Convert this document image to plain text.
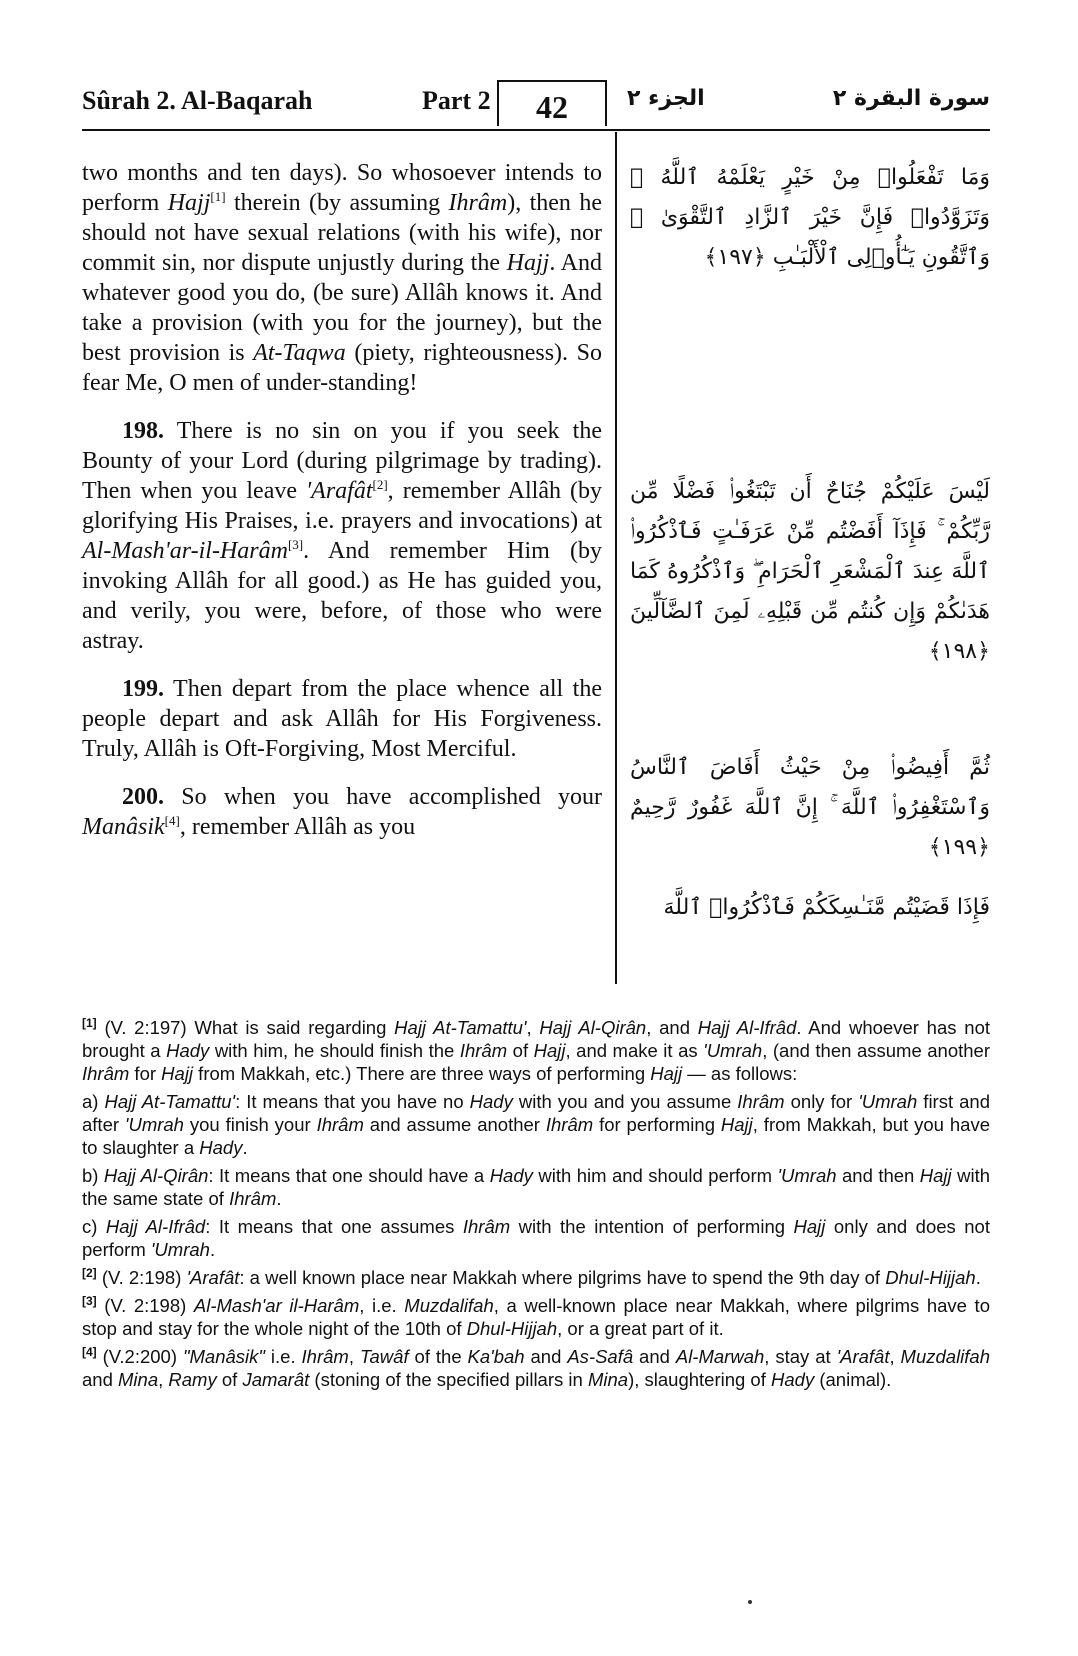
Sûrah 2. Al-Baqarah	Part 2	42	الجزء ٢	سورة البقرة ٢

two months and ten days). So whosoever intends to perform Hajj[1] therein (by assuming Ihrâm), then he should not have sexual relations (with his wife), nor commit sin, nor dispute unjustly during the Hajj. And whatever good you do, (be sure) Allâh knows it. And take a provision (with you for the journey), but the best provision is At-Taqwa (piety, righteousness). So fear Me, O men of under-standing!

198. There is no sin on you if you seek the Bounty of your Lord (during pilgrimage by trading). Then when you leave 'Arafât[2], remember Allâh (by glorifying His Praises, i.e. prayers and invocations) at Al-Mash'ar-il-Harâm[3]. And remember Him (by invoking Allâh for all good.) as He has guided you, and verily, you were, before, of those who were astray.

199. Then depart from the place whence all the people depart and ask Allâh for His Forgiveness. Truly, Allâh is Oft-Forgiving, Most Merciful.

200. So when you have accomplished your Manâsik[4], remember Allâh as you

وَمَا تَفْعَلُوا۟ مِنْ خَيْرٍ يَعْلَمْهُ ٱللَّهُ ۗ وَتَزَوَّدُوا۟ فَإِنَّ خَيْرَ ٱلزَّادِ ٱلتَّقْوَىٰ ۚ وَٱتَّقُونِ يَـٰٓأُو۟لِى ٱلْأَلْبَـٰبِ ﴿١٩٧﴾

لَيْسَ عَلَيْكُمْ جُنَاحٌ أَن تَبْتَغُوا۟ فَضْلًا مِّن رَّبِّكُمْ ۚ فَإِذَآ أَفَضْتُم مِّنْ عَرَفَـٰتٍ فَٱذْكُرُوا۟ ٱللَّهَ عِندَ ٱلْمَشْعَرِ ٱلْحَرَامِ ۖ وَٱذْكُرُوهُ كَمَا هَدَىٰكُمْ وَإِن كُنتُم مِّن قَبْلِهِۦ لَمِنَ ٱلضَّآلِّينَ ﴿١٩٨﴾

ثُمَّ أَفِيضُوا۟ مِنْ حَيْثُ أَفَاضَ ٱلنَّاسُ وَٱسْتَغْفِرُوا۟ ٱللَّهَ ۚ إِنَّ ٱللَّهَ غَفُورٌ رَّحِيمٌ ﴿١٩٩﴾

فَإِذَا قَضَيْتُم مَّنَـٰسِكَكُمْ فَٱذْكُرُوا۟ ٱللَّهَ

[1] (V. 2:197) What is said regarding Hajj At-Tamattu', Hajj Al-Qirân, and Hajj Al-Ifrâd. And whoever has not brought a Hady with him, he should finish the Ihrâm of Hajj, and make it as 'Umrah, (and then assume another Ihrâm for Hajj from Makkah, etc.) There are three ways of performing Hajj — as follows:

a) Hajj At-Tamattu': It means that you have no Hady with you and you assume Ihrâm only for 'Umrah first and after 'Umrah you finish your Ihrâm and assume another Ihrâm for performing Hajj, from Makkah, but you have to slaughter a Hady.

b) Hajj Al-Qirân: It means that one should have a Hady with him and should perform 'Umrah and then Hajj with the same state of Ihrâm.

c) Hajj Al-Ifrâd: It means that one assumes Ihrâm with the intention of performing Hajj only and does not perform 'Umrah.

[2] (V. 2:198) 'Arafât: a well known place near Makkah where pilgrims have to spend the 9th day of Dhul-Hijjah.

[3] (V. 2:198) Al-Mash'ar il-Harâm, i.e. Muzdalifah, a well-known place near Makkah, where pilgrims have to stop and stay for the whole night of the 10th of Dhul-Hijjah, or a great part of it.

[4] (V.2:200) "Manâsik" i.e. Ihrâm, Tawâf of the Ka'bah and As-Safâ and Al-Marwah, stay at 'Arafât, Muzdalifah and Mina, Ramy of Jamarât (stoning of the specified pillars in Mina), slaughtering of Hady (animal).
